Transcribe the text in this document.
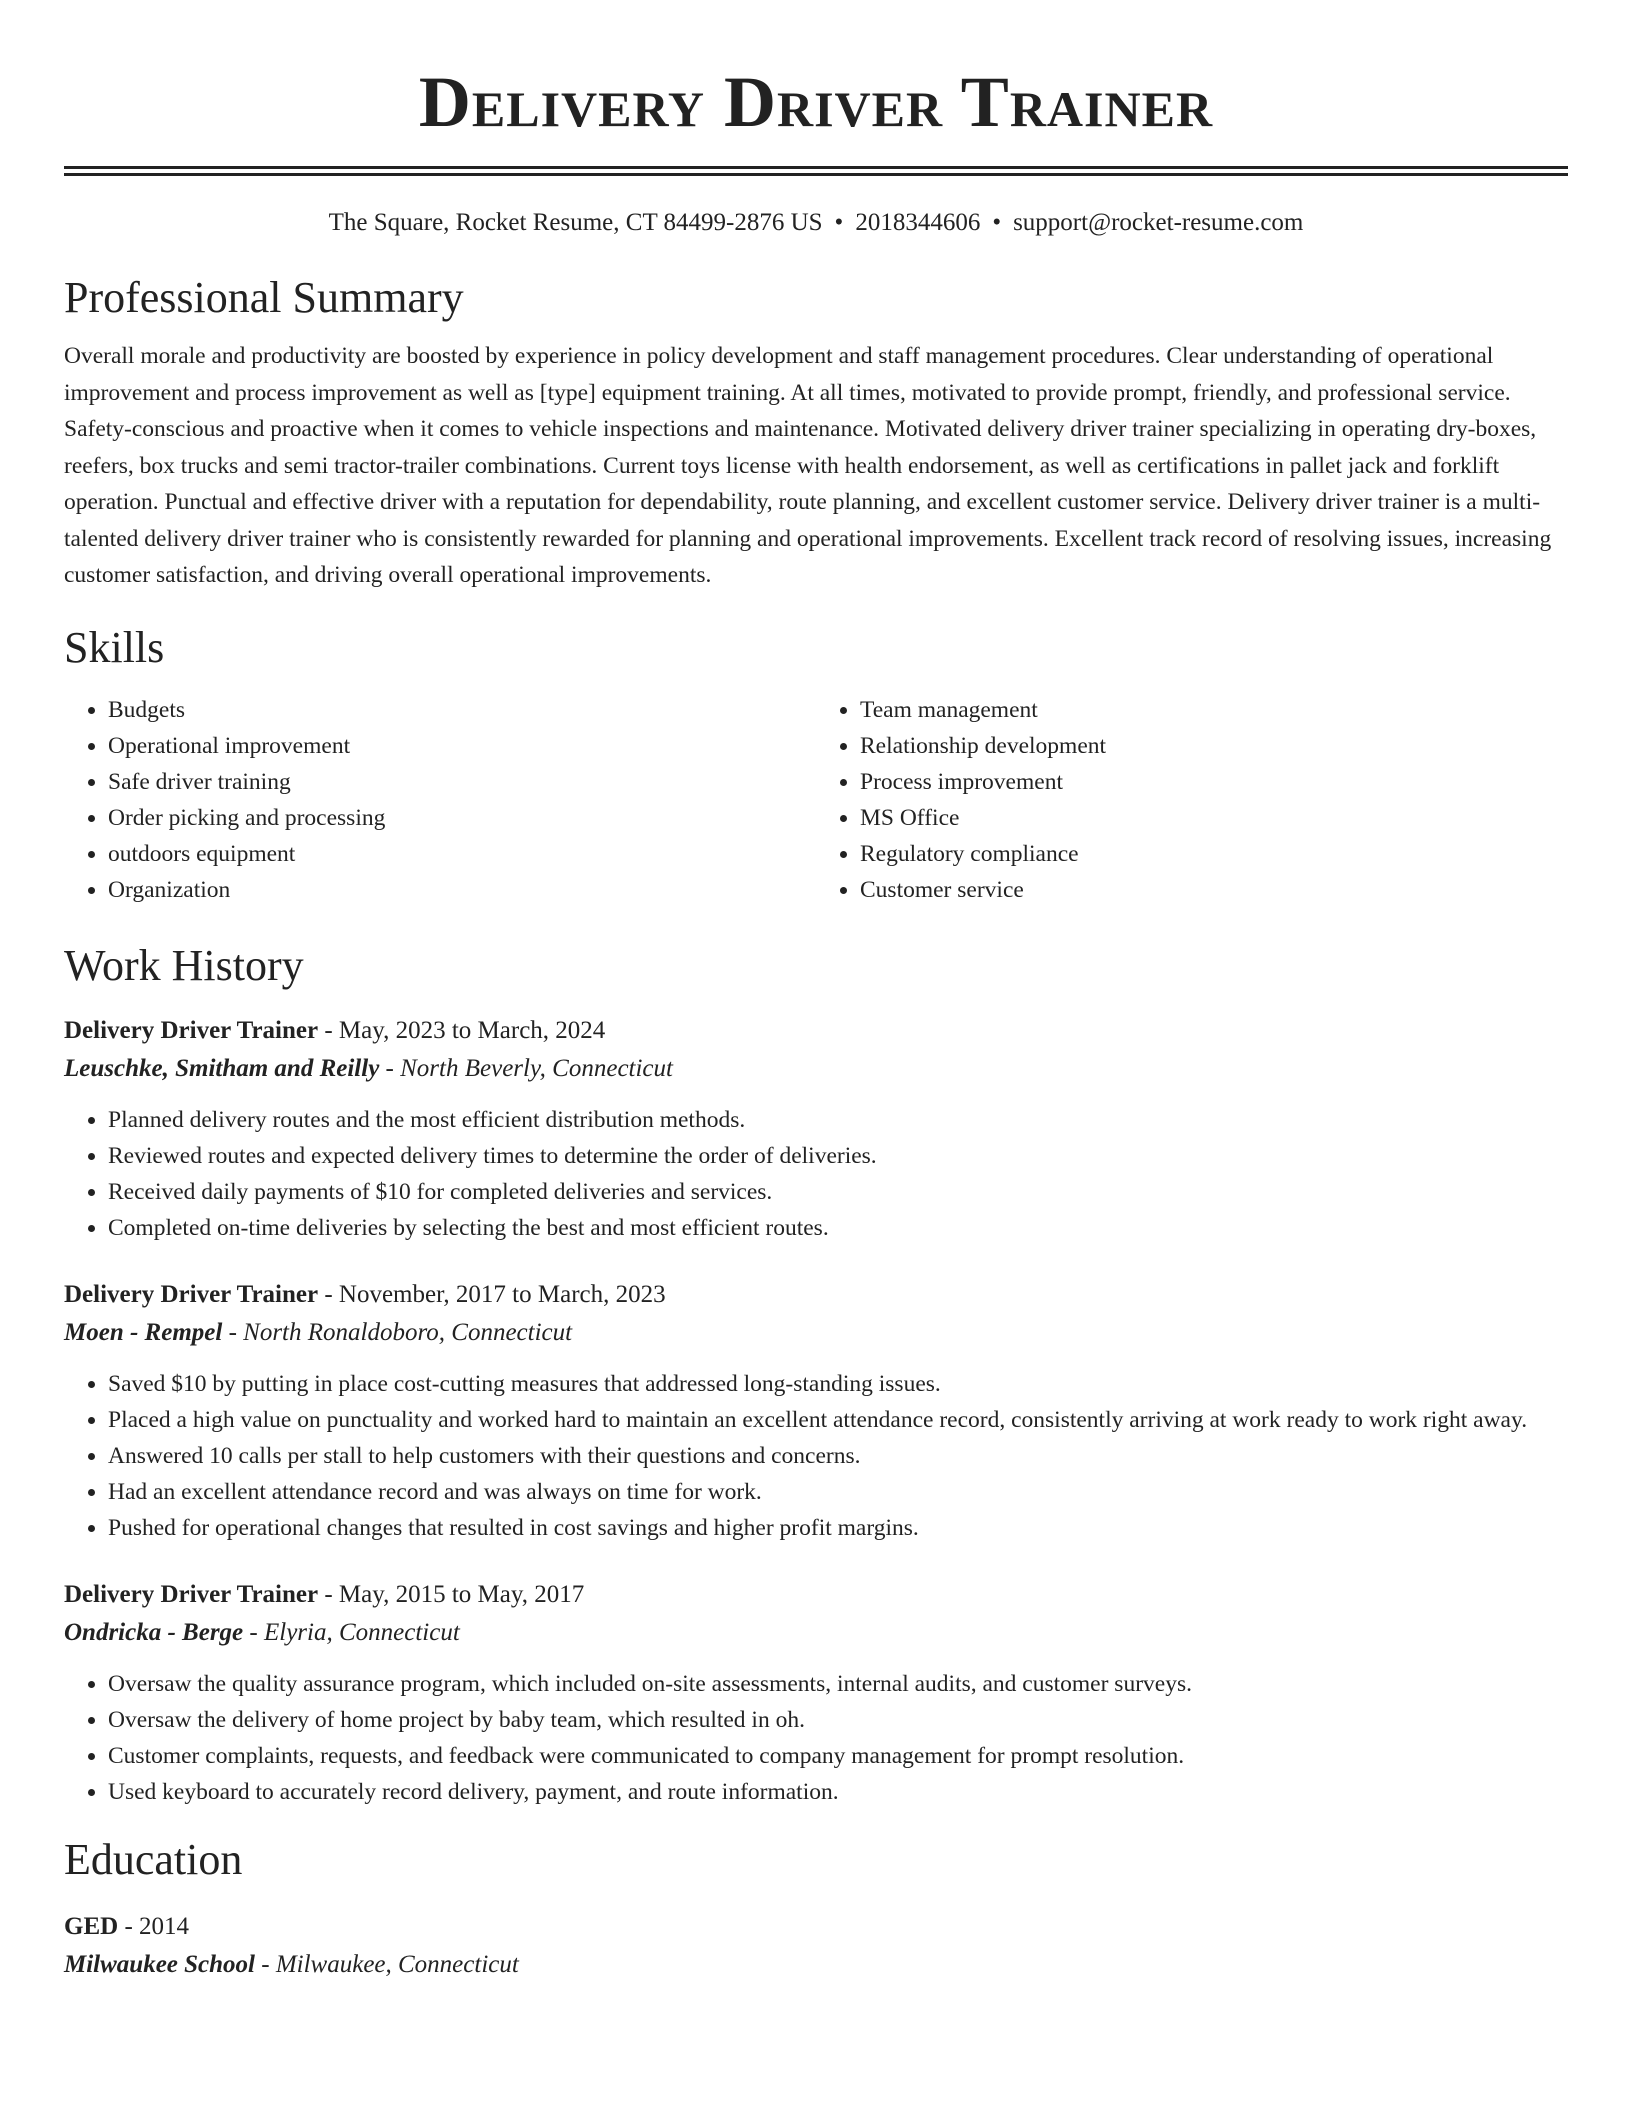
Delivery Driver Trainer
The Square, Rocket Resume, CT 84499-2876 US • 2018344606 • support@rocket-resume.com
Professional Summary

Overall morale and productivity are boosted by experience in policy development and staff management procedures. Clear understanding of operational improvement and process improvement as well as [type] equipment training. At all times, motivated to provide prompt, friendly, and professional service. Safety-conscious and proactive when it comes to vehicle inspections and maintenance. Motivated delivery driver trainer specializing in operating dry-boxes, reefers, box trucks and semi tractor-trailer combinations. Current toys license with health endorsement, as well as certifications in pallet jack and forklift operation. Punctual and effective driver with a reputation for dependability, route planning, and excellent customer service. Delivery driver trainer is a multi-talented delivery driver trainer who is consistently rewarded for planning and operational improvements. Excellent track record of resolving issues, increasing customer satisfaction, and driving overall operational improvements.

Skills
• Budgets
• Operational improvement
• Safe driver training
• Order picking and processing
• outdoors equipment
• Organization
• Team management
• Relationship development
• Process improvement
• MS Office
• Regulatory compliance
• Customer service
Work History
Delivery Driver Trainer - May, 2023 to March, 2024
Leuschke, Smitham and Reilly - North Beverly, Connecticut
• Planned delivery routes and the most efficient distribution methods.
• Reviewed routes and expected delivery times to determine the order of deliveries.
• Received daily payments of $10 for completed deliveries and services.
• Completed on-time deliveries by selecting the best and most efficient routes.
Delivery Driver Trainer - November, 2017 to March, 2023
Moen - Rempel - North Ronaldoboro, Connecticut
• Saved $10 by putting in place cost-cutting measures that addressed long-standing issues.
• Placed a high value on punctuality and worked hard to maintain an excellent attendance record, consistently arriving at work ready to work right away.
• Answered 10 calls per stall to help customers with their questions and concerns.
• Had an excellent attendance record and was always on time for work.
• Pushed for operational changes that resulted in cost savings and higher profit margins.
Delivery Driver Trainer - May, 2015 to May, 2017
Ondricka - Berge - Elyria, Connecticut
• Oversaw the quality assurance program, which included on-site assessments, internal audits, and customer surveys.
• Oversaw the delivery of home project by baby team, which resulted in oh.
• Customer complaints, requests, and feedback were communicated to company management for prompt resolution.
• Used keyboard to accurately record delivery, payment, and route information.
Education
GED - 2014
Milwaukee School - Milwaukee, Connecticut
